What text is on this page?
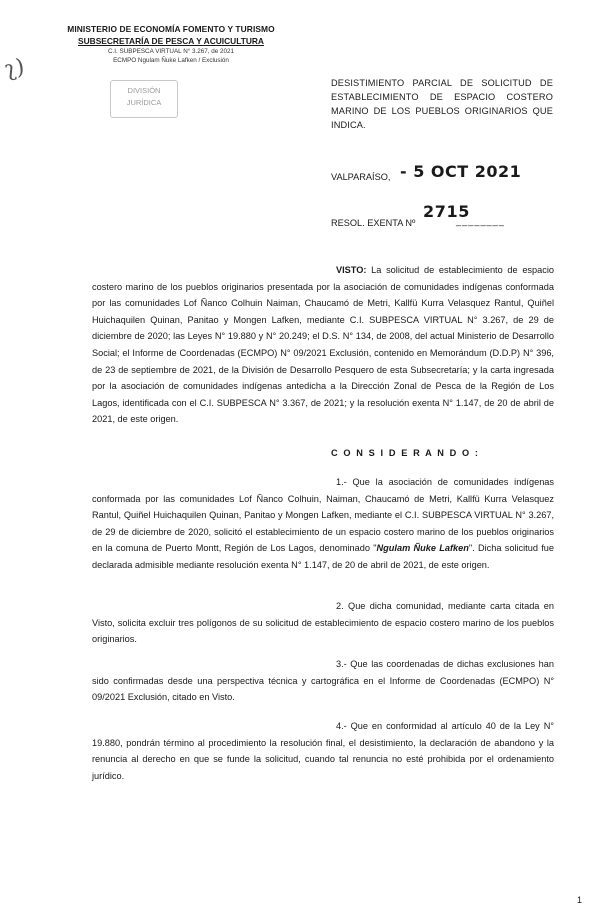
ʅ)
MINISTERIO DE ECONOMÍA FOMENTO Y TURISMO
SUBSECRETARÍA DE PESCA Y ACUICULTURA
C.I. SUBPESCA VIRTUAL N° 3.267, de 2021
ECMPO Ngulam Ñuke Lafken / Exclusión
DIVISIÓN
JURÍDICA
DESISTIMIENTO PARCIAL DE SOLICITUD DE ESTABLECIMIENTO DE ESPACIO COSTERO MARINO DE LOS PUEBLOS ORIGINARIOS QUE INDICA.
VALPARAÍSO, - 5 OCT 2021
RESOL. EXENTA Nº
2715
________
VISTO: La solicitud de establecimiento de espacio costero marino de los pueblos originarios presentada por la asociación de comunidades indígenas conformada por las comunidades Lof Ñanco Colhuin Naiman, Chaucamó de Metri, Kallfü Kurra Velasquez Rantul, Quiñel Huichaquilen Quinan, Panitao y Mongen Lafken, mediante C.I. SUBPESCA VIRTUAL N° 3.267, de 29 de diciembre de 2020; las Leyes N° 19.880 y N° 20.249; el D.S. N° 134, de 2008, del actual Ministerio de Desarrollo Social; el Informe de Coordenadas (ECMPO) N° 09/2021 Exclusión, contenido en Memorándum (D.D.P) N° 396, de 23 de septiembre de 2021, de la División de Desarrollo Pesquero de esta Subsecretaría; y la carta ingresada por la asociación de comunidades indígenas antedicha a la Dirección Zonal de Pesca de la Región de Los Lagos, identificada con el C.I. SUBPESCA N° 3.367, de 2021; y la resolución exenta N° 1.147, de 20 de abril de 2021, de este origen.
C O N S I D E R A N D O :
1.- Que la asociación de comunidades indígenas conformada por las comunidades Lof Ñanco Colhuin, Naiman, Chaucamó de Metri, Kallfü Kurra Velasquez Rantul, Quiñel Huichaquilen Quinan, Panitao y Mongen Lafken, mediante el C.I. SUBPESCA VIRTUAL N° 3.267, de 29 de diciembre de 2020, solicitó el establecimiento de un espacio costero marino de los pueblos originarios en la comuna de Puerto Montt, Región de Los Lagos, denominado "Ngulam Ñuke Lafken". Dicha solicitud fue declarada admisible mediante resolución exenta N° 1.147, de 20 de abril de 2021, de este origen.
2. Que dicha comunidad, mediante carta citada en Visto, solicita excluir tres polígonos de su solicitud de establecimiento de espacio costero marino de los pueblos originarios.
3.- Que las coordenadas de dichas exclusiones han sido confirmadas desde una perspectiva técnica y cartográfica en el Informe de Coordenadas (ECMPO) N° 09/2021 Exclusión, citado en Visto.
4.- Que en conformidad al artículo 40 de la Ley N° 19.880, pondrán término al procedimiento la resolución final, el desistimiento, la declaración de abandono y la renuncia al derecho en que se funde la solicitud, cuando tal renuncia no esté prohibida por el ordenamiento jurídico.
1
